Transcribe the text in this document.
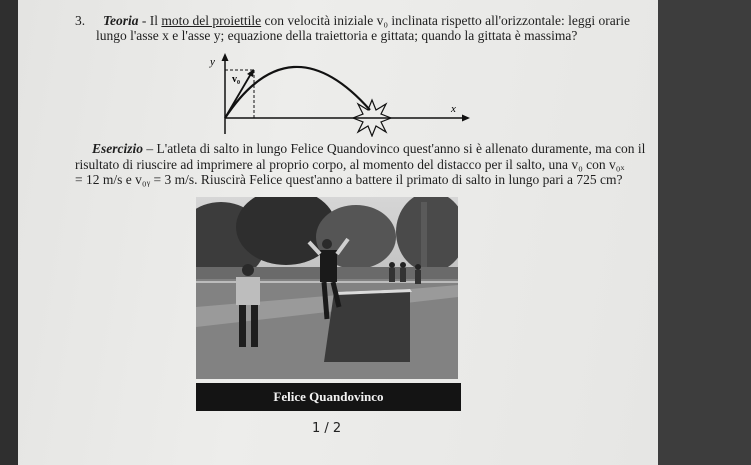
3. Teoria - Il moto del proiettile con velocità iniziale v₀ inclinata rispetto all'orizzontale: leggi orarie
lungo l'asse x e l'asse y; equazione della traiettoria e gittata; quando la gittata è massima?
y
x
v₀
Esercizio – L'atleta di salto in lungo Felice Quandovinco quest'anno si è allenato duramente, ma con il
risultato di riuscire ad imprimere al proprio corpo, al momento del distacco per il salto, una v₀ con v₀ₓ
= 12 m/s e v₀ᵧ = 3 m/s. Riuscirà Felice quest'anno a battere il primato di salto in lungo pari a 725 cm?
Felice Quandovinco
1 / 2
